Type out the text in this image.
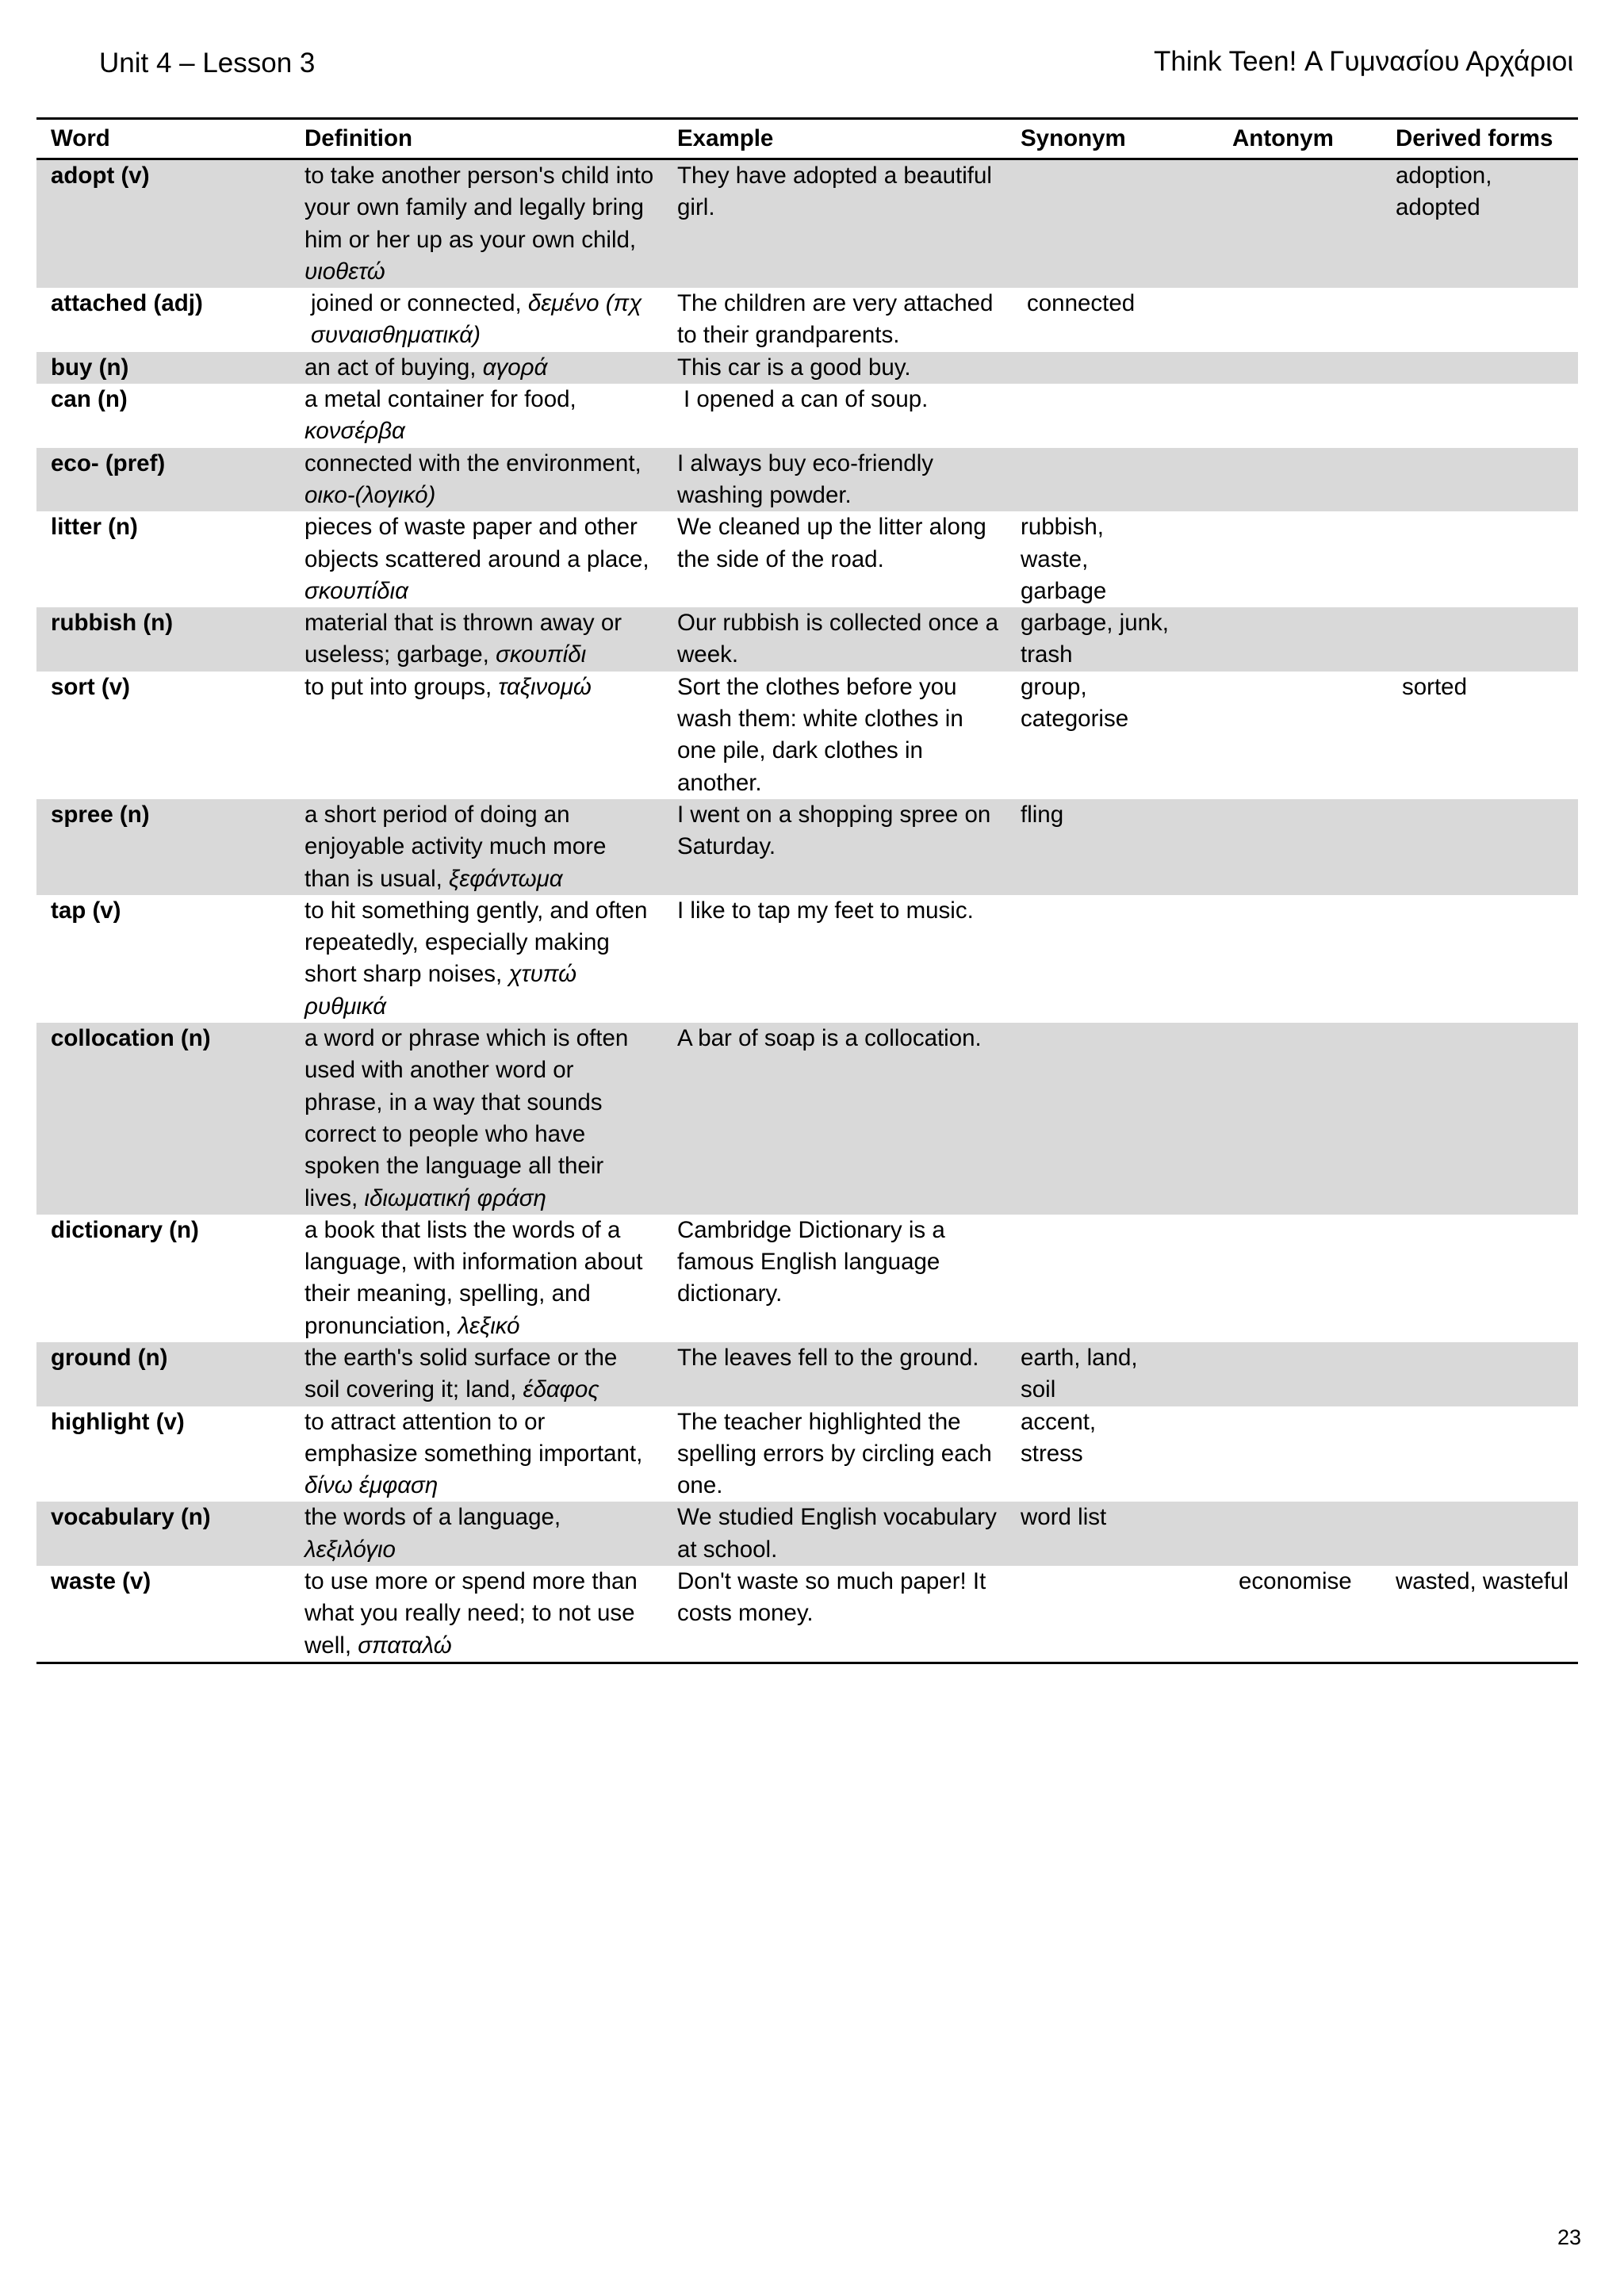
Unit 4 – Lesson 3	Think Teen! Α Γυμνασίου Αρχάριοι
Word	Definition	Example	Synonym	Antonym	Derived forms
adopt (v)	to take another person's child into your own family and legally bring him or her up as your own child, υιοθετώ	They have adopted a beautiful girl.			adoption, adopted
attached (adj)	joined or connected, δεμένο (πχ συναισθηματικά)	The children are very attached to their grandparents.	connected		
buy (n)	an act of buying, αγορά	This car is a good buy.			
can (n)	a metal container for food, κονσέρβα	I opened a can of soup.			
eco- (pref)	connected with the environment, οικο-(λογικό)	I always buy eco-friendly washing powder.			
litter (n)	pieces of waste paper and other objects scattered around a place, σκουπίδια	We cleaned up the litter along the side of the road.	rubbish, waste, garbage		
rubbish (n)	material that is thrown away or useless; garbage, σκουπίδι	Our rubbish is collected once a week.	garbage, junk, trash		
sort (v)	to put into groups, ταξινομώ	Sort the clothes before you wash them: white clothes in one pile, dark clothes in another.	group, categorise		sorted
spree (n)	a short period of doing an enjoyable activity much more than is usual, ξεφάντωμα	I went on a shopping spree on Saturday.	fling		
tap (v)	to hit something gently, and often repeatedly, especially making short sharp noises, χτυπώ ρυθμικά	I like to tap my feet to music.			
collocation (n)	a word or phrase which is often used with another word or phrase, in a way that sounds correct to people who have spoken the language all their lives, ιδιωματική φράση	A bar of soap is a collocation.			
dictionary (n)	a book that lists the words of a language, with information about their meaning, spelling, and pronunciation, λεξικό	Cambridge Dictionary is a famous English language dictionary.			
ground (n)	the earth's solid surface or the soil covering it; land, έδαφος	The leaves fell to the ground.	earth, land, soil		
highlight (v)	to attract attention to or emphasize something important, δίνω έμφαση	The teacher highlighted the spelling errors by circling each one.	accent, stress		
vocabulary (n)	the words of a language, λεξιλόγιο	We studied English vocabulary at school.	word list		
waste (v)	to use more or spend more than what you really need; to not use well, σπαταλώ	Don't waste so much paper! It costs money.		economise	wasted, wasteful
23
